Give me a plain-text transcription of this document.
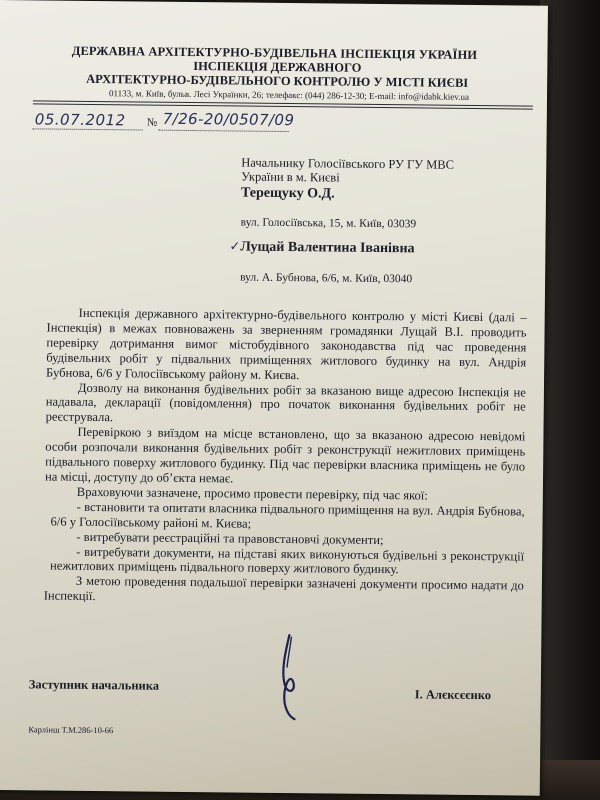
ДЕРЖАВНА АРХІТЕКТУРНО-БУДІВЕЛЬНА ІНСПЕКЦІЯ УКРАЇНИ
ІНСПЕКЦІЯ ДЕРЖАВНОГО
АРХІТЕКТУРНО-БУДІВЕЛЬНОГО КОНТРОЛЮ У МІСТІ КИЄВІ
01133, м. Київ, бульв. Лесі Українки, 26; телефакс: (044) 286-12-30; E-mail: info@idabk.kiev.ua
05.07.2012 № 7/26-20/0507/09
Начальнику Голосіївського РУ ГУ МВС
України в м. Києві
Терещуку О.Д.
вул. Голосіївська, 15, м. Київ, 03039
✓ Лущай Валентина Іванівна
вул. А. Бубнова, 6/6, м. Київ, 03040

Інспекція державного архітектурно-будівельного контролю у місті Києві (далі – Інспекція) в межах повноважень за зверненням громадянки Лущай В.І. проводить перевірку дотримання вимог містобудівного законодавства під час проведення будівельних робіт у підвальних приміщеннях житлового будинку на вул. Андрія Бубнова, 6/6 у Голосіївському району м. Києва.

Дозволу на виконання будівельних робіт за вказаною вище адресою Інспекція не надавала, декларації (повідомлення) про початок виконання будівельних робіт не реєструвала.

Перевіркою з виїздом на місце встановлено, що за вказаною адресою невідомі особи розпочали виконання будівельних робіт з реконструкції нежитлових приміщень підвального поверху житлового будинку. Під час перевірки власника приміщень не було на місці, доступу до об’єкта немає.

Враховуючи зазначене, просимо провести перевірку, під час якої:

- встановити та опитати власника підвального приміщення на вул. Андрія Бубнова, 6/6 у Голосіївському районі м. Києва;

- витребувати реєстраційні та правовстановчі документи;

- витребувати документи, на підставі яких виконуються будівельні з реконструкції нежитлових приміщень підвального поверху житлового будинку.

З метою проведення подальшої перевірки зазначені документи просимо надати до Інспекції.

Заступник начальника
І. Алєксєєнко
Карлінш Т.М.286-10-66
